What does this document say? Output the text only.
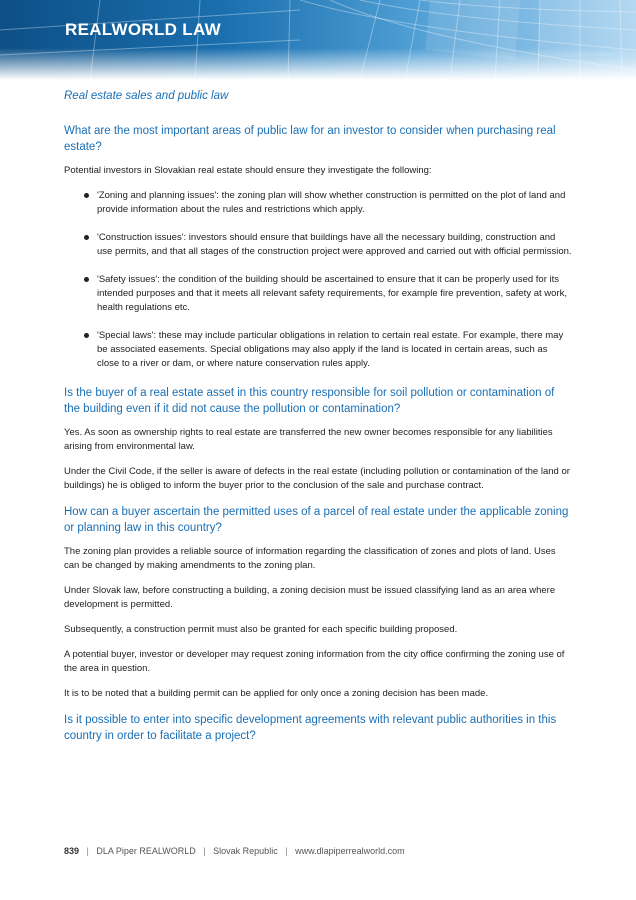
REALWORLD LAW
Real estate sales and public law
What are the most important areas of public law for an investor to consider when purchasing real estate?

Potential investors in Slovakian real estate should ensure they investigate the following:

'Zoning and planning issues': the zoning plan will show whether construction is permitted on the plot of land and provide information about the rules and restrictions which apply.
'Construction issues': investors should ensure that buildings have all the necessary building, construction and use permits, and that all stages of the construction project were approved and carried out with official permission.
'Safety issues': the condition of the building should be ascertained to ensure that it can be properly used for its intended purposes and that it meets all relevant safety requirements, for example fire prevention, safety at work, health regulations etc.
'Special laws': these may include particular obligations in relation to certain real estate. For example, there may be associated easements. Special obligations may also apply if the land is located in certain areas, such as close to a river or dam, or where nature conservation rules apply.
Is the buyer of a real estate asset in this country responsible for soil pollution or contamination of the building even if it did not cause the pollution or contamination?

Yes. As soon as ownership rights to real estate are transferred the new owner becomes responsible for any liabilities arising from environmental law.

Under the Civil Code, if the seller is aware of defects in the real estate (including pollution or contamination of the land or buildings) he is obliged to inform the buyer prior to the conclusion of the sale and purchase contract.

How can a buyer ascertain the permitted uses of a parcel of real estate under the applicable zoning or planning law in this country?

The zoning plan provides a reliable source of information regarding the classification of zones and plots of land. Uses can be changed by making amendments to the zoning plan.

Under Slovak law, before constructing a building, a zoning decision must be issued classifying land as an area where development is permitted.

Subsequently, a construction permit must also be granted for each specific building proposed.

A potential buyer, investor or developer may request zoning information from the city office confirming the zoning use of the area in question.

It is to be noted that a building permit can be applied for only once a zoning decision has been made.

Is it possible to enter into specific development agreements with relevant public authorities in this country in order to facilitate a project?
839 | DLA Piper REALWORLD | Slovak Republic | www.dlapiperrealworld.com
